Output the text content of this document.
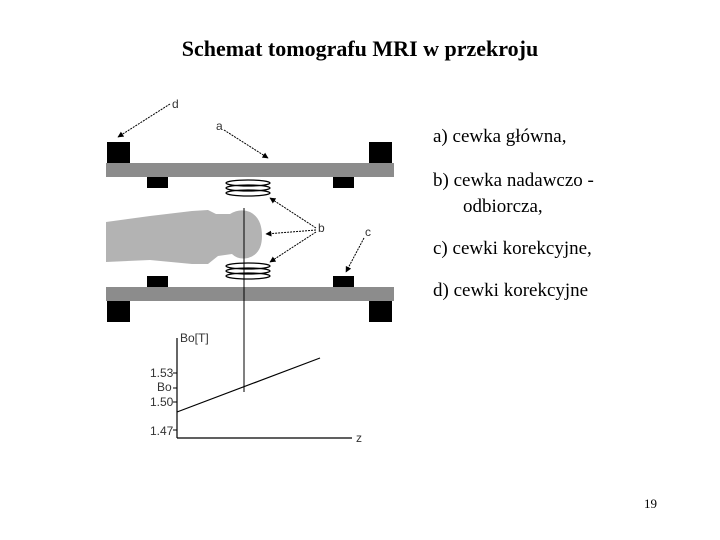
Schemat tomografu MRI w przekroju
d
a
b	c
Bo[T]
1.53
Bo
1.50
1.47	z
a) cewka główna,
b) cewka nadawczo -
odbiorcza,
c) cewki korekcyjne,
d) cewki korekcyjne
19
